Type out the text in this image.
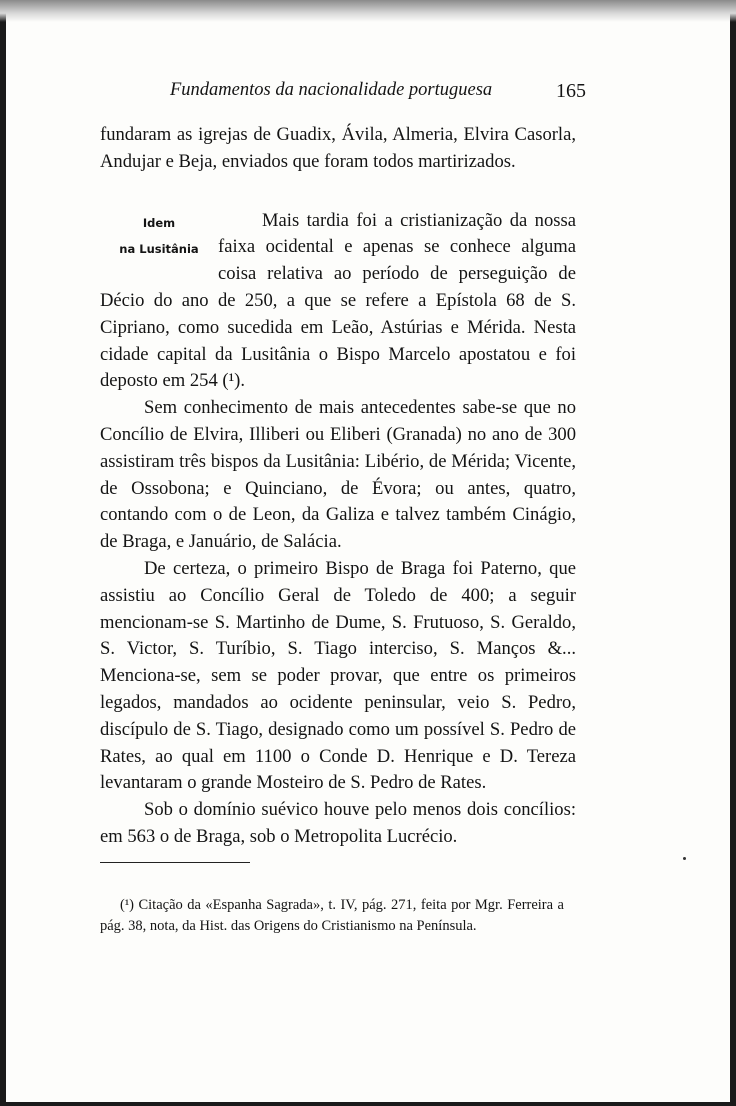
Fundamentos da nacionalidade portuguesa	165

fundaram as igrejas de Guadix, Ávila, Almeria, Elvira Casorla, Andujar e Beja, enviados que foram todos martirizados.

Idem
na Lusitânia

Mais tardia foi a cristianização da nossa faixa ocidental e apenas se conhece alguma coisa relativa ao período de perseguição de Décio do ano de 250, a que se refere a Epístola 68 de S. Cipriano, como sucedida em Leão, Astúrias e Mérida. Nesta cidade capital da Lusitânia o Bispo Marcelo apostatou e foi deposto em 254 (¹).

Sem conhecimento de mais antecedentes sabe-se que no Concílio de Elvira, Illiberi ou Eliberi (Granada) no ano de 300 assistiram três bispos da Lusitânia: Libério, de Mérida; Vicente, de Ossobona; e Quinciano, de Évora; ou antes, quatro, contando com o de Leon, da Galiza e talvez também Cinágio, de Braga, e Januário, de Salácia.

De certeza, o primeiro Bispo de Braga foi Paterno, que assistiu ao Concílio Geral de Toledo de 400; a seguir mencionam-se S. Martinho de Dume, S. Frutuoso, S. Geraldo, S. Victor, S. Turíbio, S. Tiago interciso, S. Manços &... Menciona-se, sem se poder provar, que entre os primeiros legados, mandados ao ocidente peninsular, veio S. Pedro, discípulo de S. Tiago, designado como um possível S. Pedro de Rates, ao qual em 1100 o Conde D. Henrique e D. Tereza levantaram o grande Mosteiro de S. Pedro de Rates.

Sob o domínio suévico houve pelo menos dois concílios: em 563 o de Braga, sob o Metropolita Lucrécio.

(¹) Citação da «Espanha Sagrada», t. IV, pág. 271, feita por Mgr. Ferreira a pág. 38, nota, da Hist. das Origens do Cristianismo na Península.
